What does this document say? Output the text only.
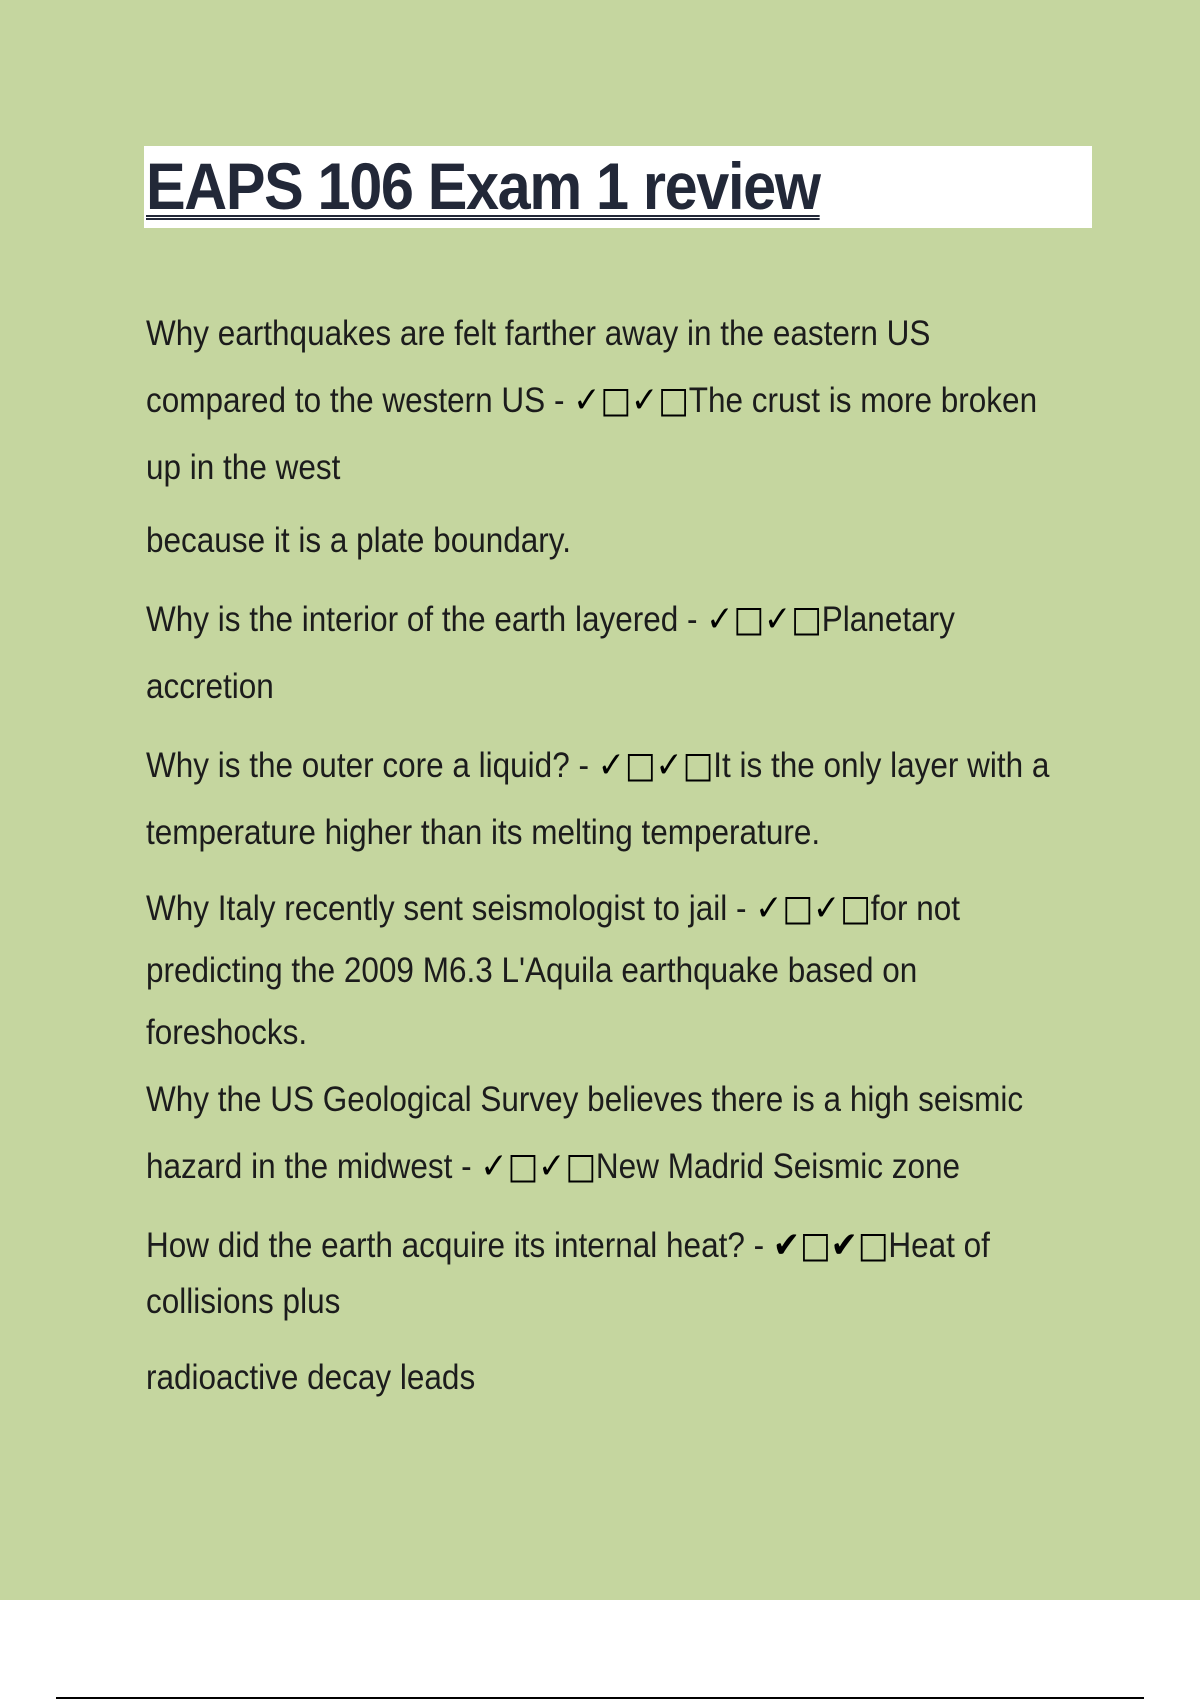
EAPS 106 Exam 1 review

Why earthquakes are felt farther away in the eastern US compared to the western US - ✓□✓□The crust is more broken up in the west

because it is a plate boundary.

Why is the interior of the earth layered - ✓□✓□Planetary accretion

Why is the outer core a liquid? - ✓□✓□It is the only layer with a temperature higher than its melting temperature.

Why Italy recently sent seismologist to jail - ✓□✓□for not predicting the 2009 M6.3 L'Aquila earthquake based on foreshocks.

Why the US Geological Survey believes there is a high seismic hazard in the midwest - ✓□✓□New Madrid Seismic zone

How did the earth acquire its internal heat? - ✔□✔□Heat of collisions plus

radioactive decay leads
